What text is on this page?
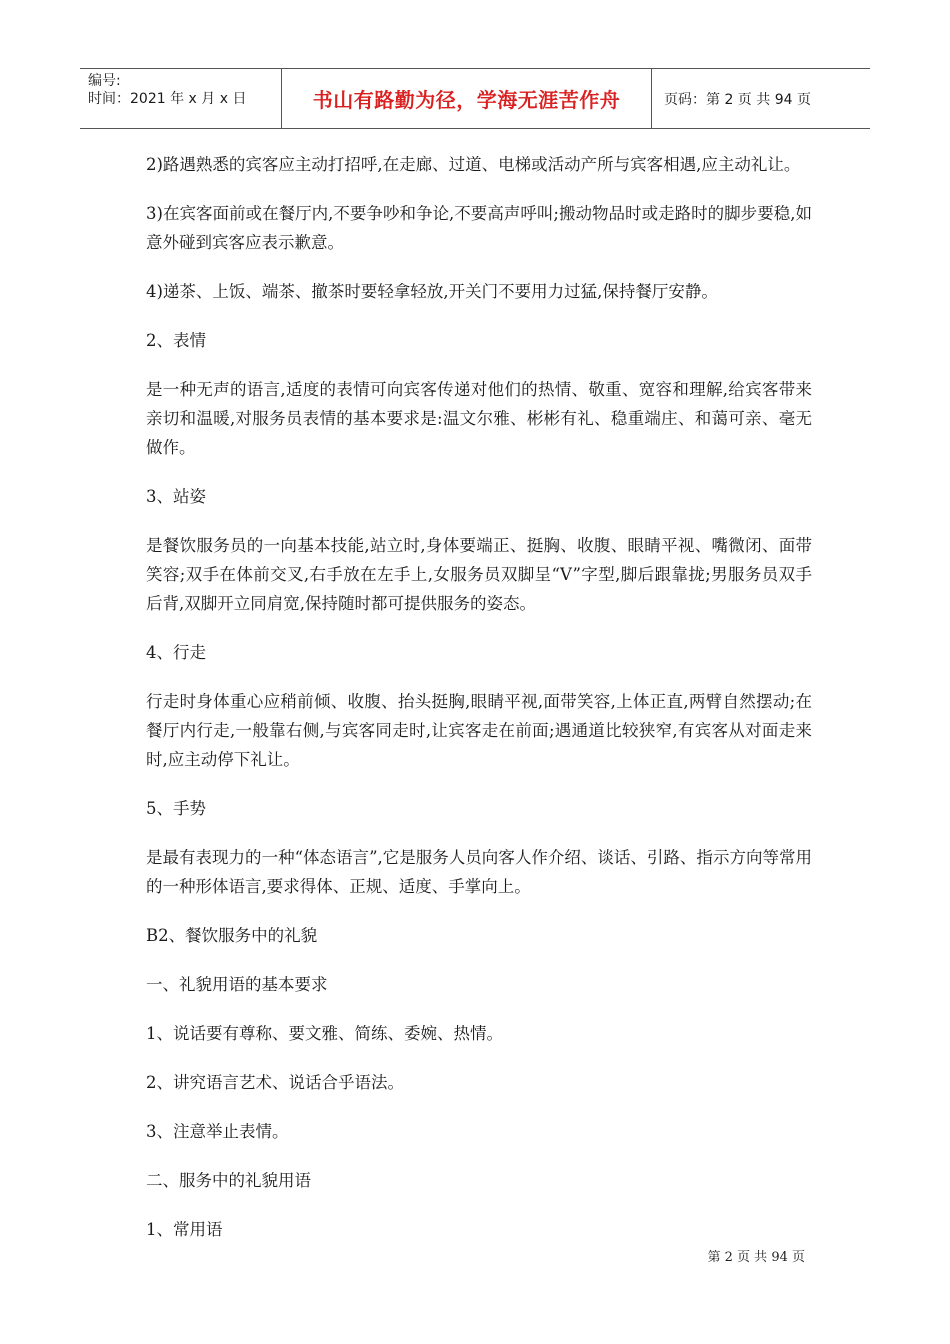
编号:
时间：2021 年 x 月 x 日	书山有路勤为径，学海无涯苦作舟	页码：第 2 页 共 94 页

2)路遇熟悉的宾客应主动打招呼,在走廊、过道、电梯或活动产所与宾客相遇,应主动礼让。

3)在宾客面前或在餐厅内,不要争吵和争论,不要高声呼叫;搬动物品时或走路时的脚步要稳,如意外碰到宾客应表示歉意。

4)递茶、上饭、端茶、撤茶时要轻拿轻放,开关门不要用力过猛,保持餐厅安静。

2、表情

是一种无声的语言,适度的表情可向宾客传递对他们的热情、敬重、宽容和理解,给宾客带来亲切和温暖,对服务员表情的基本要求是:温文尔雅、彬彬有礼、稳重端庄、和蔼可亲、毫无做作。

3、站姿

是餐饮服务员的一向基本技能,站立时,身体要端正、挺胸、收腹、眼睛平视、嘴微闭、面带笑容;双手在体前交叉,右手放在左手上,女服务员双脚呈“V”字型,脚后跟靠拢;男服务员双手后背,双脚开立同肩宽,保持随时都可提供服务的姿态。

4、行走

行走时身体重心应稍前倾、收腹、抬头挺胸,眼睛平视,面带笑容,上体正直,两臂自然摆动;在餐厅内行走,一般靠右侧,与宾客同走时,让宾客走在前面;遇通道比较狭窄,有宾客从对面走来时,应主动停下礼让。

5、手势

是最有表现力的一种“体态语言”,它是服务人员向客人作介绍、谈话、引路、指示方向等常用的一种形体语言,要求得体、正规、适度、手掌向上。

B2、餐饮服务中的礼貌

一、礼貌用语的基本要求

1、说话要有尊称、要文雅、简练、委婉、热情。

2、讲究语言艺术、说话合乎语法。

3、注意举止表情。

二、服务中的礼貌用语

1、常用语

第 2 页 共 94 页
